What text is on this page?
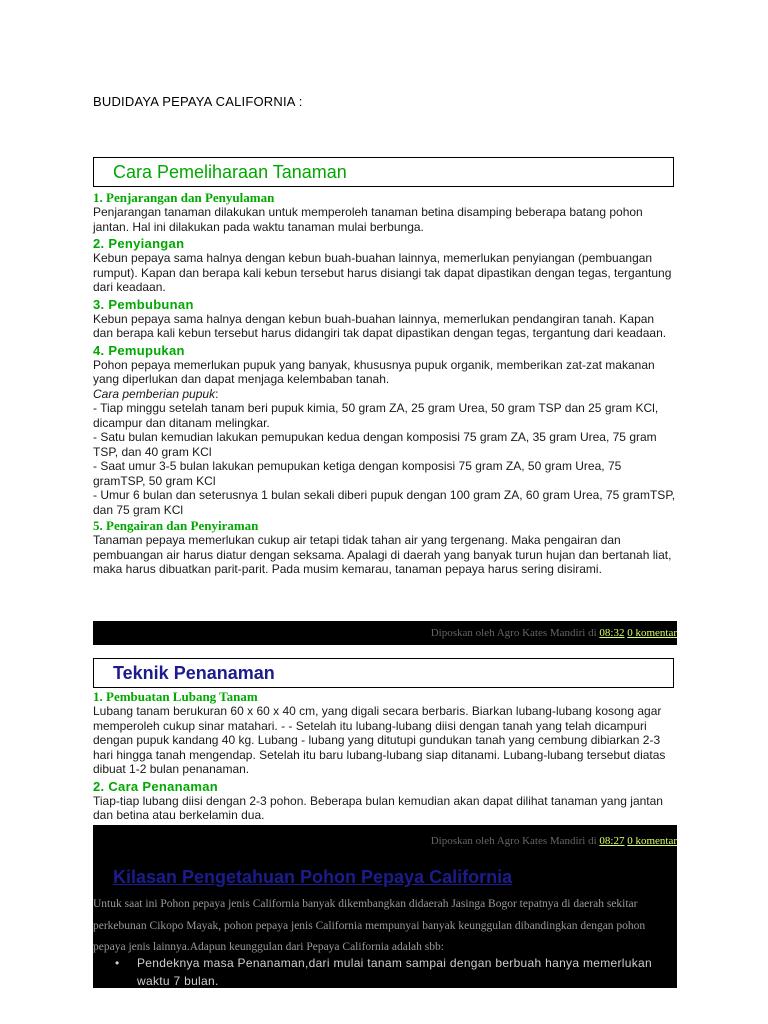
BUDIDAYA PEPAYA CALIFORNIA :
Cara Pemeliharaan Tanaman
1. Penjarangan dan Penyulaman
Penjarangan tanaman dilakukan untuk memperoleh tanaman betina disamping beberapa batang pohon jantan. Hal ini dilakukan pada waktu tanaman mulai berbunga.
2. Penyiangan
Kebun pepaya sama halnya dengan kebun buah-buahan lainnya, memerlukan penyiangan (pembuangan rumput). Kapan dan berapa kali kebun tersebut harus disiangi tak dapat dipastikan dengan tegas, tergantung dari keadaan.
3. Pembubunan
Kebun pepaya sama halnya dengan kebun buah-buahan lainnya, memerlukan pendangiran tanah. Kapan dan berapa kali kebun tersebut harus didangiri tak dapat dipastikan dengan tegas, tergantung dari keadaan.
4. Pemupukan
Pohon pepaya memerlukan pupuk yang banyak, khususnya pupuk organik, memberikan zat-zat makanan yang diperlukan dan dapat menjaga kelembaban tanah.
Cara pemberian pupuk:
- Tiap minggu setelah tanam beri pupuk kimia, 50 gram ZA, 25 gram Urea, 50 gram TSP dan 25 gram KCl, dicampur dan ditanam melingkar.
- Satu bulan kemudian lakukan pemupukan kedua dengan komposisi 75 gram ZA, 35 gram Urea, 75 gram TSP, dan 40 gram KCl
- Saat umur 3-5 bulan lakukan pemupukan ketiga dengan komposisi 75 gram ZA, 50 gram Urea, 75 gramTSP, 50 gram KCl
- Umur 6 bulan dan seterusnya 1 bulan sekali diberi pupuk dengan 100 gram ZA, 60 gram Urea, 75 gramTSP, dan 75 gram KCl
5. Pengairan dan Penyiraman
Tanaman pepaya memerlukan cukup air tetapi tidak tahan air yang tergenang. Maka pengairan dan pembuangan air harus diatur dengan seksama. Apalagi di daerah yang banyak turun hujan dan bertanah liat, maka harus dibuatkan parit-parit. Pada musim kemarau, tanaman pepaya harus sering disirami.
Diposkan oleh Agro Kates Mandiri di 08:32 0 komentar
Teknik Penanaman
1. Pembuatan Lubang Tanam
Lubang tanam berukuran 60 x 60 x 40 cm, yang digali secara berbaris. Biarkan lubang-lubang kosong agar memperoleh cukup sinar matahari. - - Setelah itu lubang-lubang diisi dengan tanah yang telah dicampuri dengan pupuk kandang 40 kg. Lubang - lubang yang ditutupi gundukan tanah yang cembung dibiarkan 2-3 hari hingga tanah mengendap. Setelah itu baru lubang-lubang siap ditanami. Lubang-lubang tersebut diatas dibuat 1-2 bulan penanaman.
2. Cara Penanaman
Tiap-tiap lubang diisi dengan 2-3 pohon. Beberapa bulan kemudian akan dapat dilihat tanaman yang jantan dan betina atau berkelamin dua.
Diposkan oleh Agro Kates Mandiri di 08:27 0 komentar
Kilasan Pengetahuan Pohon Pepaya California
Untuk saat ini Pohon pepaya jenis California banyak dikembangkan didaerah Jasinga Bogor tepatnya di daerah sekitar perkebunan Cikopo Mayak, pohon pepaya jenis California mempunyai banyak keunggulan dibandingkan dengan pohon pepaya jenis lainnya.Adapun keunggulan dari Pepaya California adalah sbb:
• Pendeknya masa Penanaman,dari mulai tanam sampai dengan berbuah hanya memerlukan waktu 7 bulan.
